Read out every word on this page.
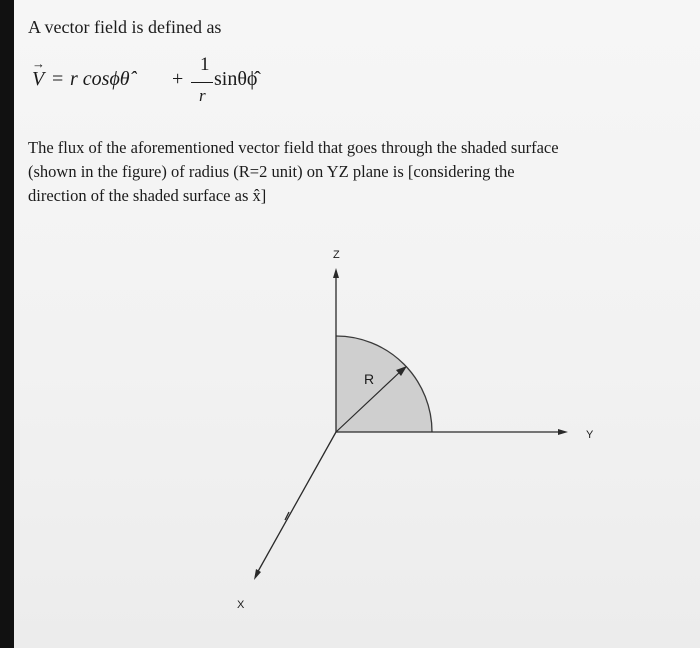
A vector field is defined as
V
→
= r cosϕθ̂ +
1
r
sinθϕ̂
The flux of the aforementioned vector field that goes through the shaded surface
(shown in the figure) of radius (R=2 unit) on YZ plane is [considering the
direction of the shaded surface as x̂]
Z
Y
X
R
